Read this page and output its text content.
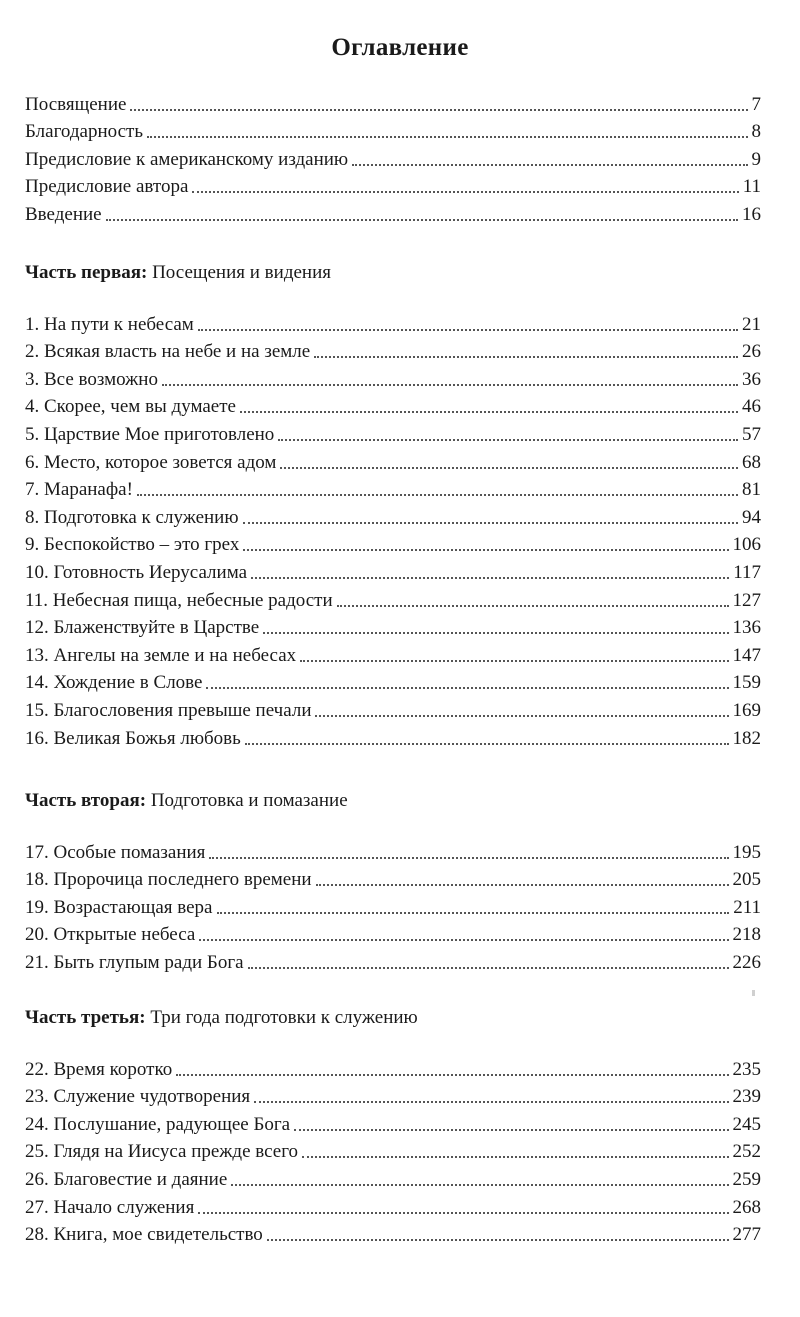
Оглавление
Посвящение	7
Благодарность	8
Предисловие к американскому изданию	9
Предисловие автора	11
Введение	16
Часть первая: Посещения и видения
1. На пути к небесам	21
2. Всякая власть на небе и на земле	26
3. Все возможно	36
4. Скорее, чем вы думаете	46
5. Царствие Мое приготовлено	57
6. Место, которое зовется адом	68
7. Маранафа!	81
8. Подготовка к служению	94
9. Беспокойство – это грех	106
10. Готовность Иерусалима	117
11. Небесная пища, небесные радости	127
12. Блаженствуйте в Царстве	136
13. Ангелы на земле и на небесах	147
14. Хождение в Слове	159
15. Благословения превыше печали	169
16. Великая Божья любовь	182
Часть вторая: Подготовка и помазание
17. Особые помазания	195
18. Пророчица последнего времени	205
19. Возрастающая вера	211
20. Открытые небеса	218
21. Быть глупым ради Бога	226
Часть третья: Три года подготовки к служению
22. Время коротко	235
23. Служение чудотворения	239
24. Послушание, радующее Бога	245
25. Глядя на Иисуса прежде всего	252
26. Благовестие и даяние	259
27. Начало служения	268
28. Книга, мое свидетельство	277
